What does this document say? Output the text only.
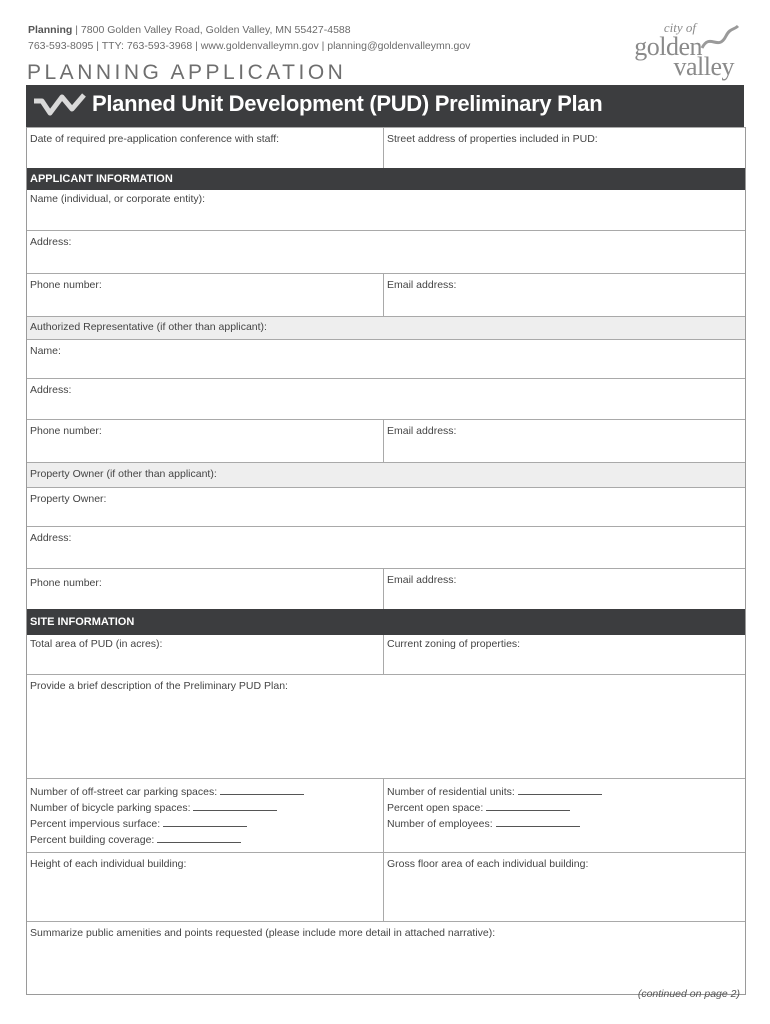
Planning | 7800 Golden Valley Road, Golden Valley, MN 55427-4588
763-593-8095 | TTY: 763-593-3968 | www.goldenvalleymn.gov | planning@goldenvalleymn.gov
city of
golden
valley
PLANNING APPLICATION
Planned Unit Development (PUD) Preliminary Plan
Date of required pre-application conference with staff:	Street address of properties included in PUD:
APPLICANT INFORMATION
Name (individual, or corporate entity):
Address:
Phone number:	Email address:
Authorized Representative (if other than applicant):
Name:
Address:
Phone number:	Email address:
Property Owner (if other than applicant):
Property Owner:
Address:
Phone number:	Email address:
SITE INFORMATION
Total area of PUD (in acres):	Current zoning of properties:
Provide a brief description of the Preliminary PUD Plan:
Number of off-street car parking spaces:
Number of bicycle parking spaces:
Percent impervious surface:
Percent building coverage:
Number of residential units:
Percent open space:
Number of employees:
Height of each individual building:	Gross floor area of each individual building:
Summarize public amenities and points requested (please include more detail in attached narrative):
(continued on page 2)
